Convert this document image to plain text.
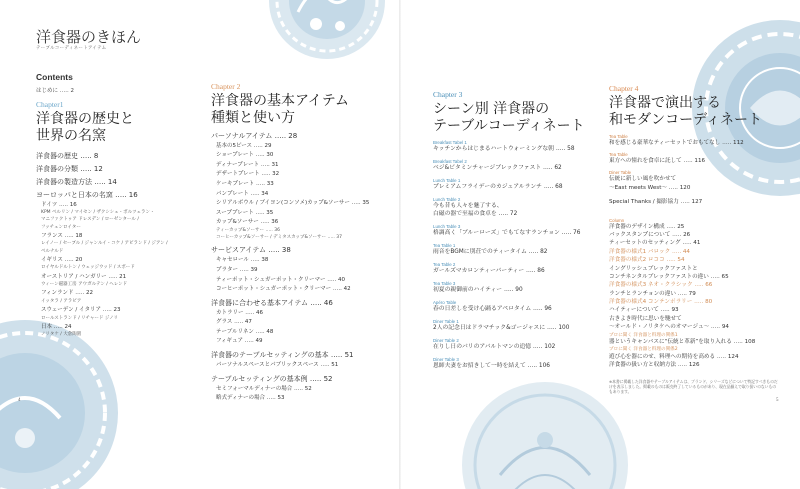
洋食器のきほん
テーブルコーディネートアイテム
Contents
はじめに ….. 2
Chapter1
洋食器の歴史と
世界の名窯
洋食器の歴史 ….. 8
洋食器の分類 ….. 12
洋食器の製造方法 ….. 14
ヨーロッパと日本の名窯 ….. 16
ドイツ ….. 16
KPM ベルリン / マイセン / ザクシシェ・ポルツェラン・
マニファクトゥア ドレスデン / ローゼンタール /
フッチェンロイター
フランス ….. 18
レイノー / セーブル / ジャンルイ・コケ / アビランド / ジアン /
ベルナルド
イギリス ….. 20
ロイヤルドルトン / ウェッジウッド / スポード
オーストリア / ハンガリー ….. 21
ウィーン磁器工房 アウガルテン / ヘレンド
フィンランド ….. 22
イッタラ / アラビア
スウェーデン / イタリア ….. 23
ロールストランド / リチャード ジノリ
日本 ….. 24
ノリタケ / 大倉陶園
Chapter 2
洋食器の基本アイテム
種類と使い方
パーソナルアイテム ….. 28
基本の5ピース ….. 29
ショープレート ….. 30
ディナープレート ….. 31
デザートプレート ….. 32
ケーキプレート ….. 33
パンプレート ….. 34
シリアルボウル / ブイヨン(コンソメ)カップ&ソーサー ….. 35
スーププレート ….. 35
カップ&ソーサー ….. 36
ティーカップ&ソーサー ….. 36
コーヒーカップ&ソーサー / デミタスカップ&ソーサー ….. 37
サービスアイテム ….. 38
キャセロール ….. 38
プラター ….. 39
ティーポット・シュガーポット・クリーマー ….. 40
コーヒーポット・シュガーポット・クリーマー ….. 42
洋食器に合わせる基本アイテム ….. 46
カトラリー ….. 46
グラス ….. 47
テーブルリネン ….. 48
フィギュア ….. 49
洋食器のテーブルセッティングの基本 ….. 51
パーソナルスペースとパブリックスペース ….. 51
テーブルセッティングの基本例 ….. 52
セミフォーマルディナーの場合 ….. 52
略式ディナーの場合 ….. 53
Chapter 3
シーン別 洋食器の
テーブルコーディネート
Breakfast Tabel 1
キッチンからはじまるハートウォーミングな朝 ….. 58
Breakfast Tabel 2
ベジ&ビタミンチャージブレックファスト ….. 62
Lunch Table 1
プレミアムフライデーのカジュアルランチ ….. 68
Lunch Table 2
今も昔も人々を魅了する、
白磁の器で至福の食卓を ….. 72
Lunch Table 3
格調高く「ブルーローズ」でもてなすランチョン ….. 76
Tea Table 1
雨音をBGMに別荘でのティータイム ….. 82
Tea Table 2
ガールズマカロンティーパーティー ….. 86
Tea Table 3
初夏の親御前のハイティー ….. 90
Apéro Table
春の日差しを受け心踊るアペロタイム ….. 96
Diner Table 1
2人の記念日はドラマチック&ゴージャスに ….. 100
Diner Table 2
在りし日のパリのアパルトマンの追憶 ….. 102
Diner Table 3
恩師夫妻をお招きして一時を結えて ….. 106
Chapter 4
洋食器で演出する
和モダンコーディネート
Tea Table
和を感じる豪華なティーセットでおもてなし ….. 112
Tea Table
東方への憧れを食卓に託して ….. 116
Diner Table
伝統に新しい風を吹かせて
～East meets West～ ….. 120
Special Thanks / 撮影協力 ….. 127
Column
洋食器のデザイン構成 ….. 25
バックスタンプについて ….. 26
ティーセットのセッティング ….. 41
洋食器の様式1 バロック ….. 44
洋食器の様式2 ロココ ….. 54
イングリッシュブレックファストと
コンチネンタルブレックファストの違い ….. 65
洋食器の様式3 ネオ・クラシック ….. 66
ランチとランチョンの違い ….. 79
洋食器の様式4 コンテンポラリー ….. 80
ハイティーについて ….. 93
古きよき時代に思いを馳せて
～オールド・ノリタケへのオマージュ～ ….. 94
プロに聞く 洋食器と料理の関係1
器というキャンバスに“伝統と革新”を取り入れる ….. 108
プロに聞く 洋食器と料理の関係2
遊び心を器にのせ、料理への期待を高める ….. 124
洋食器の扱い方と収納方法 ….. 126
※本書に掲載した洋食器やテーブルアイテムは、ブランド、シリーズなどについて特記すべきものだけを表示しました。掲載のものは販売終了しているものがあり、現在品揃えで取り扱いのないものもあります。
4	5
